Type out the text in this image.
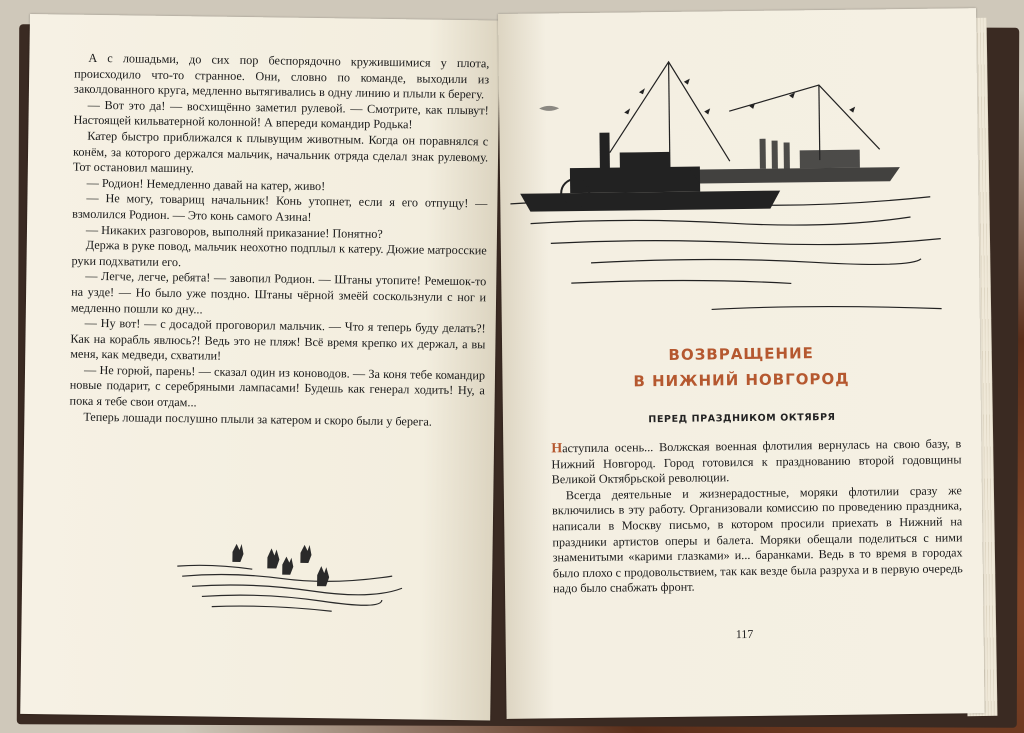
А с лошадьми, до сих пор беспорядочно кружившимися у плота, происходило что-то странное. Они, словно по команде, выходили из заколдованного круга, медленно вытягивались в одну линию и плыли к берегу.

— Вот это да! — восхищённо заметил рулевой. — Смотрите, как плывут! Настоящей кильватерной колонной! А впереди командир Родька!

Катер быстро приближался к плывущим животным. Когда он поравнялся с конём, за которого держался мальчик, начальник отряда сделал знак рулевому. Тот остановил машину.

— Родион! Немедленно давай на катер, живо!

— Не могу, товарищ начальник! Конь утопнет, если я его отпущу! — взмолился Родион. — Это конь самого Азина!

— Никаких разговоров, выполняй приказание! Понятно?

Держа в руке повод, мальчик неохотно подплыл к катеру. Дюжие матросские руки подхватили его.

— Легче, легче, ребята! — завопил Родион. — Штаны утопите! Ремешок-то на узде! — Но было уже поздно. Штаны чёрной змеёй соскользнули с ног и медленно пошли ко дну...

— Ну вот! — с досадой проговорил мальчик. — Что я теперь буду делать?! Как на корабль явлюсь?! Ведь это не пляж! Всё время крепко их держал, а вы меня, как медведи, схватили!

— Не горюй, парень! — сказал один из коноводов. — За коня тебе командир новые подарит, с серебряными лампасами! Будешь как генерал ходить! Ну, а пока я тебе свои отдам...

Теперь лошади послушно плыли за катером и скоро были у берега.

ВОЗВРАЩЕНИЕ
В НИЖНИЙ НОВГОРОД
ПЕРЕД ПРАЗДНИКОМ ОКТЯБРЯ

Наступила осень... Волжская военная флотилия вернулась на свою базу, в Нижний Новгород. Город готовился к празднованию второй годовщины Великой Октябрьской революции.

Всегда деятельные и жизнерадостные, моряки флотилии сразу же включились в эту работу. Организовали комиссию по проведению праздника, написали в Москву письмо, в котором просили приехать в Нижний на праздники артистов оперы и балета. Моряки обещали поделиться с ними знаменитыми «карими глазками» и... баранками. Ведь в то время в городах было плохо с продовольствием, так как везде была разруха и в первую очередь надо было снабжать фронт.

117
